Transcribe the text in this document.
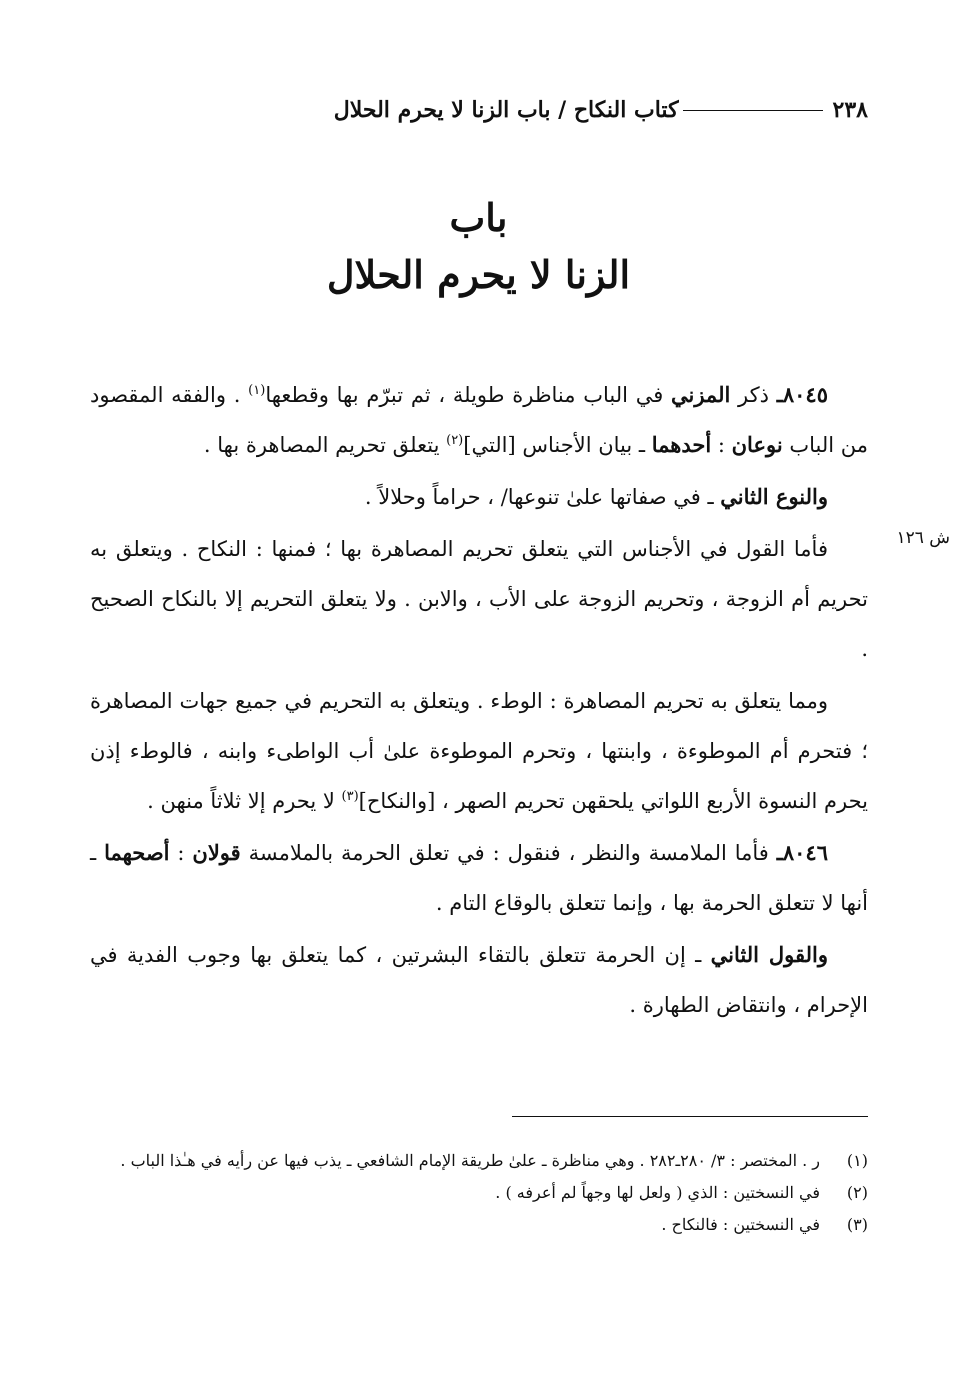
٢٣٨
كتاب النكاح / باب الزنا لا يحرم الحلال
باب
الزنا لا يحرم الحلال
ش ١٢٦

٨٠٤٥ـ ذكر المزني في الباب مناظرة طويلة ، ثم تبرّم بها وقطعها$^{(١)}$ . والفقه المقصود من الباب نوعان : أحدهما ـ بيان الأجناس [التي]$^{(٢)}$ يتعلق تحريم المصاهرة بها .

والنوع الثاني ـ في صفاتها علىٰ تنوعها/ ، حراماً وحلالاً .

فأما القول في الأجناس التي يتعلق تحريم المصاهرة بها ؛ فمنها : النكاح . ويتعلق به تحريم أم الزوجة ، وتحريم الزوجة على الأب ، والابن . ولا يتعلق التحريم إلا بالنكاح الصحيح .

ومما يتعلق به تحريم المصاهرة : الوطء . ويتعلق به التحريم في جميع جهات المصاهرة ؛ فتحرم أم الموطوءة ، وابنتها ، وتحرم الموطوءة علىٰ أب الواطىء وابنه ، فالوطء إذن يحرم النسوة الأربع اللواتي يلحقهن تحريم الصهر ، [والنكاح]$^{(٣)}$ لا يحرم إلا ثلاثاً منهن .

٨٠٤٦ـ فأما الملامسة والنظر ، فنقول : في تعلق الحرمة بالملامسة قولان : أصحهما ـ أنها لا تتعلق الحرمة بها ، وإنما تتعلق بالوقاع التام .

والقول الثاني ـ إن الحرمة تتعلق بالتقاء البشرتين ، كما يتعلق بها وجوب الفدية في الإحرام ، وانتقاض الطهارة .

(١)
ر . المختصر : ٣/ ٢٨٠ـ٢٨٢ . وهي مناظرة ـ علىٰ طريقة الإمام الشافعي ـ يذب فيها عن رأيه في هـٰذا الباب .
(٢)
في النسختين : الذي ( ولعل لها وجهاً لم أعرفه ) .
(٣)
في النسختين : فالنكاح .
